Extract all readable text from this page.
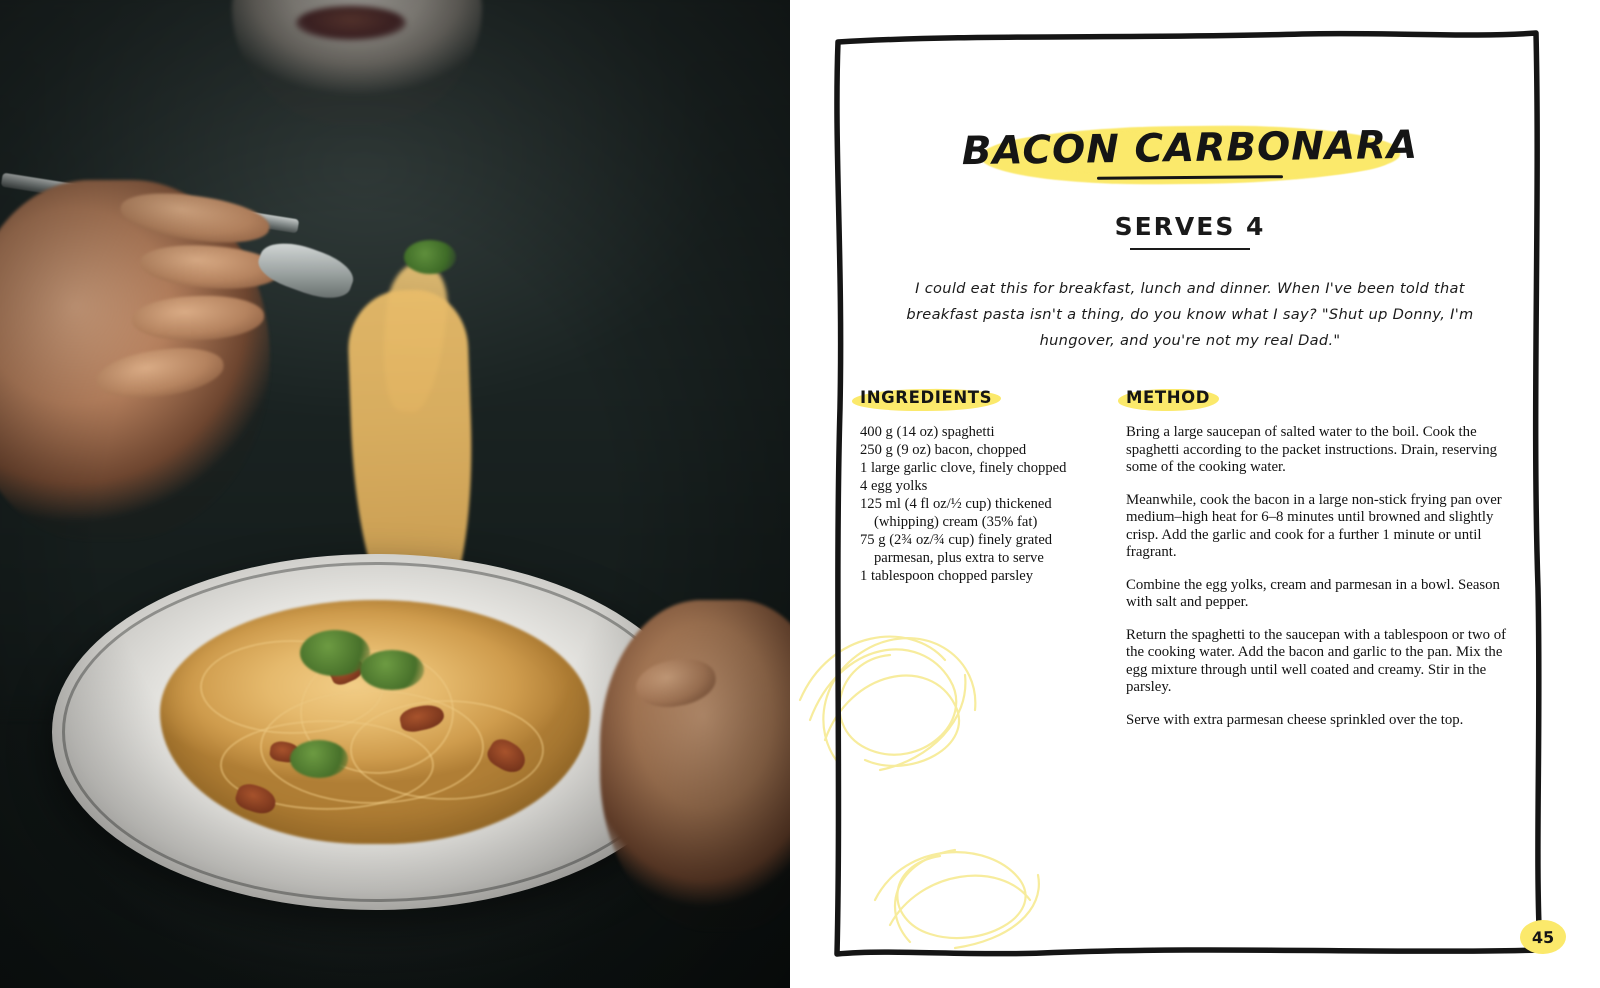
BACON CARBONARA
SERVES 4
I could eat this for breakfast, lunch and dinner. When I've been told that breakfast pasta isn't a thing, do you know what I say? "Shut up Donny, I'm hungover, and you're not my real Dad."
INGREDIENTS
400 g (14 oz) spaghetti
250 g (9 oz) bacon, chopped
1 large garlic clove, finely chopped
4 egg yolks
125 ml (4 fl oz/½ cup) thickened
(whipping) cream (35% fat)
75 g (2¾ oz/¾ cup) finely grated
parmesan, plus extra to serve
1 tablespoon chopped parsley
METHOD

Bring a large saucepan of salted water to the boil. Cook the spaghetti according to the packet instructions. Drain, reserving some of the cooking water.

Meanwhile, cook the bacon in a large non-stick frying pan over medium–high heat for 6–8 minutes until browned and slightly crisp. Add the garlic and cook for a further 1 minute or until fragrant.

Combine the egg yolks, cream and parmesan in a bowl. Season with salt and pepper.

Return the spaghetti to the saucepan with a tablespoon or two of the cooking water. Add the bacon and garlic to the pan. Mix the egg mixture through until well coated and creamy. Stir in the parsley.

Serve with extra parmesan cheese sprinkled over the top.

45
